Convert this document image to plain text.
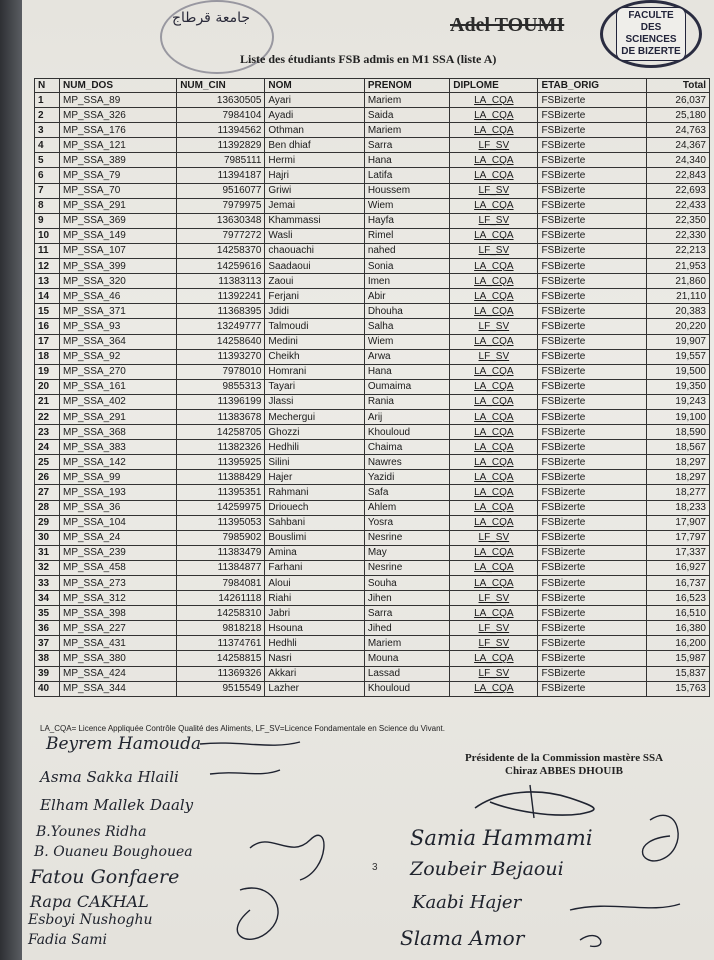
جامعة قرطاج	Adel TOUMI	FACULTE
DES SCIENCES
DE BIZERTE
Liste des étudiants FSB admis en M1 SSA (liste A)
N	NUM_DOS	NUM_CIN	NOM	PRENOM	DIPLOME	ETAB_ORIG	Total
1	MP_SSA_89	13630505	Ayari	Mariem	LA_CQA	FSBizerte	26,037
2	MP_SSA_326	7984104	Ayadi	Saida	LA_CQA	FSBizerte	25,180
3	MP_SSA_176	11394562	Othman	Mariem	LA_CQA	FSBizerte	24,763
4	MP_SSA_121	11392829	Ben dhiaf	Sarra	LF_SV	FSBizerte	24,367
5	MP_SSA_389	7985111	Hermi	Hana	LA_CQA	FSBizerte	24,340
6	MP_SSA_79	11394187	Hajri	Latifa	LA_CQA	FSBizerte	22,843
7	MP_SSA_70	9516077	Griwi	Houssem	LF_SV	FSBizerte	22,693
8	MP_SSA_291	7979975	Jemai	Wiem	LA_CQA	FSBizerte	22,433
9	MP_SSA_369	13630348	Khammassi	Hayfa	LF_SV	FSBizerte	22,350
10	MP_SSA_149	7977272	Wasli	Rimel	LA_CQA	FSBizerte	22,330
11	MP_SSA_107	14258370	chaouachi	nahed	LF_SV	FSBizerte	22,213
12	MP_SSA_399	14259616	Saadaoui	Sonia	LA_CQA	FSBizerte	21,953
13	MP_SSA_320	11383113	Zaoui	Imen	LA_CQA	FSBizerte	21,860
14	MP_SSA_46	11392241	Ferjani	Abir	LA_CQA	FSBizerte	21,110
15	MP_SSA_371	11368395	Jdidi	Dhouha	LA_CQA	FSBizerte	20,383
16	MP_SSA_93	13249777	Talmoudi	Salha	LF_SV	FSBizerte	20,220
17	MP_SSA_364	14258640	Medini	Wiem	LA_CQA	FSBizerte	19,907
18	MP_SSA_92	11393270	Cheikh	Arwa	LF_SV	FSBizerte	19,557
19	MP_SSA_270	7978010	Homrani	Hana	LA_CQA	FSBizerte	19,500
20	MP_SSA_161	9855313	Tayari	Oumaima	LA_CQA	FSBizerte	19,350
21	MP_SSA_402	11396199	Jlassi	Rania	LA_CQA	FSBizerte	19,243
22	MP_SSA_291	11383678	Mechergui	Arij	LA_CQA	FSBizerte	19,100
23	MP_SSA_368	14258705	Ghozzi	Khouloud	LA_CQA	FSBizerte	18,590
24	MP_SSA_383	11382326	Hedhili	Chaima	LA_CQA	FSBizerte	18,567
25	MP_SSA_142	11395925	Silini	Nawres	LA_CQA	FSBizerte	18,297
26	MP_SSA_99	11388429	Hajer	Yazidi	LA_CQA	FSBizerte	18,297
27	MP_SSA_193	11395351	Rahmani	Safa	LA_CQA	FSBizerte	18,277
28	MP_SSA_36	14259975	Driouech	Ahlem	LA_CQA	FSBizerte	18,233
29	MP_SSA_104	11395053	Sahbani	Yosra	LA_CQA	FSBizerte	17,907
30	MP_SSA_24	7985902	Bouslimi	Nesrine	LF_SV	FSBizerte	17,797
31	MP_SSA_239	11383479	Amina	May	LA_CQA	FSBizerte	17,337
32	MP_SSA_458	11384877	Farhani	Nesrine	LA_CQA	FSBizerte	16,927
33	MP_SSA_273	7984081	Aloui	Souha	LA_CQA	FSBizerte	16,737
34	MP_SSA_312	14261118	Riahi	Jihen	LF_SV	FSBizerte	16,523
35	MP_SSA_398	14258310	Jabri	Sarra	LA_CQA	FSBizerte	16,510
36	MP_SSA_227	9818218	Hsouna	Jihed	LF_SV	FSBizerte	16,380
37	MP_SSA_431	11374761	Hedhli	Mariem	LF_SV	FSBizerte	16,200
38	MP_SSA_380	14258815	Nasri	Mouna	LA_CQA	FSBizerte	15,987
39	MP_SSA_424	11369326	Akkari	Lassad	LF_SV	FSBizerte	15,837
40	MP_SSA_344	9515549	Lazher	Khouloud	LA_CQA	FSBizerte	15,763
LA_CQA= Licence Appliquée Contrôle Qualité des Aliments, LF_SV=Licence Fondamentale en Science du Vivant.
Présidente de la Commission mastère SSA
Chiraz ABBES DHOUIB
Beyrem Hamouda
Asma Sakka Hlaili
Elham Mallek Daaly
B.Younes Ridha
B. Ouaneu Boughouea
Fatou Gonfaere
Rapa CAKHAL
Esboyi Nushoghu
Fadia Sami
Samia Hammami
Zoubeir Bejaoui
Kaabi Hajer
Slama Amor
3
